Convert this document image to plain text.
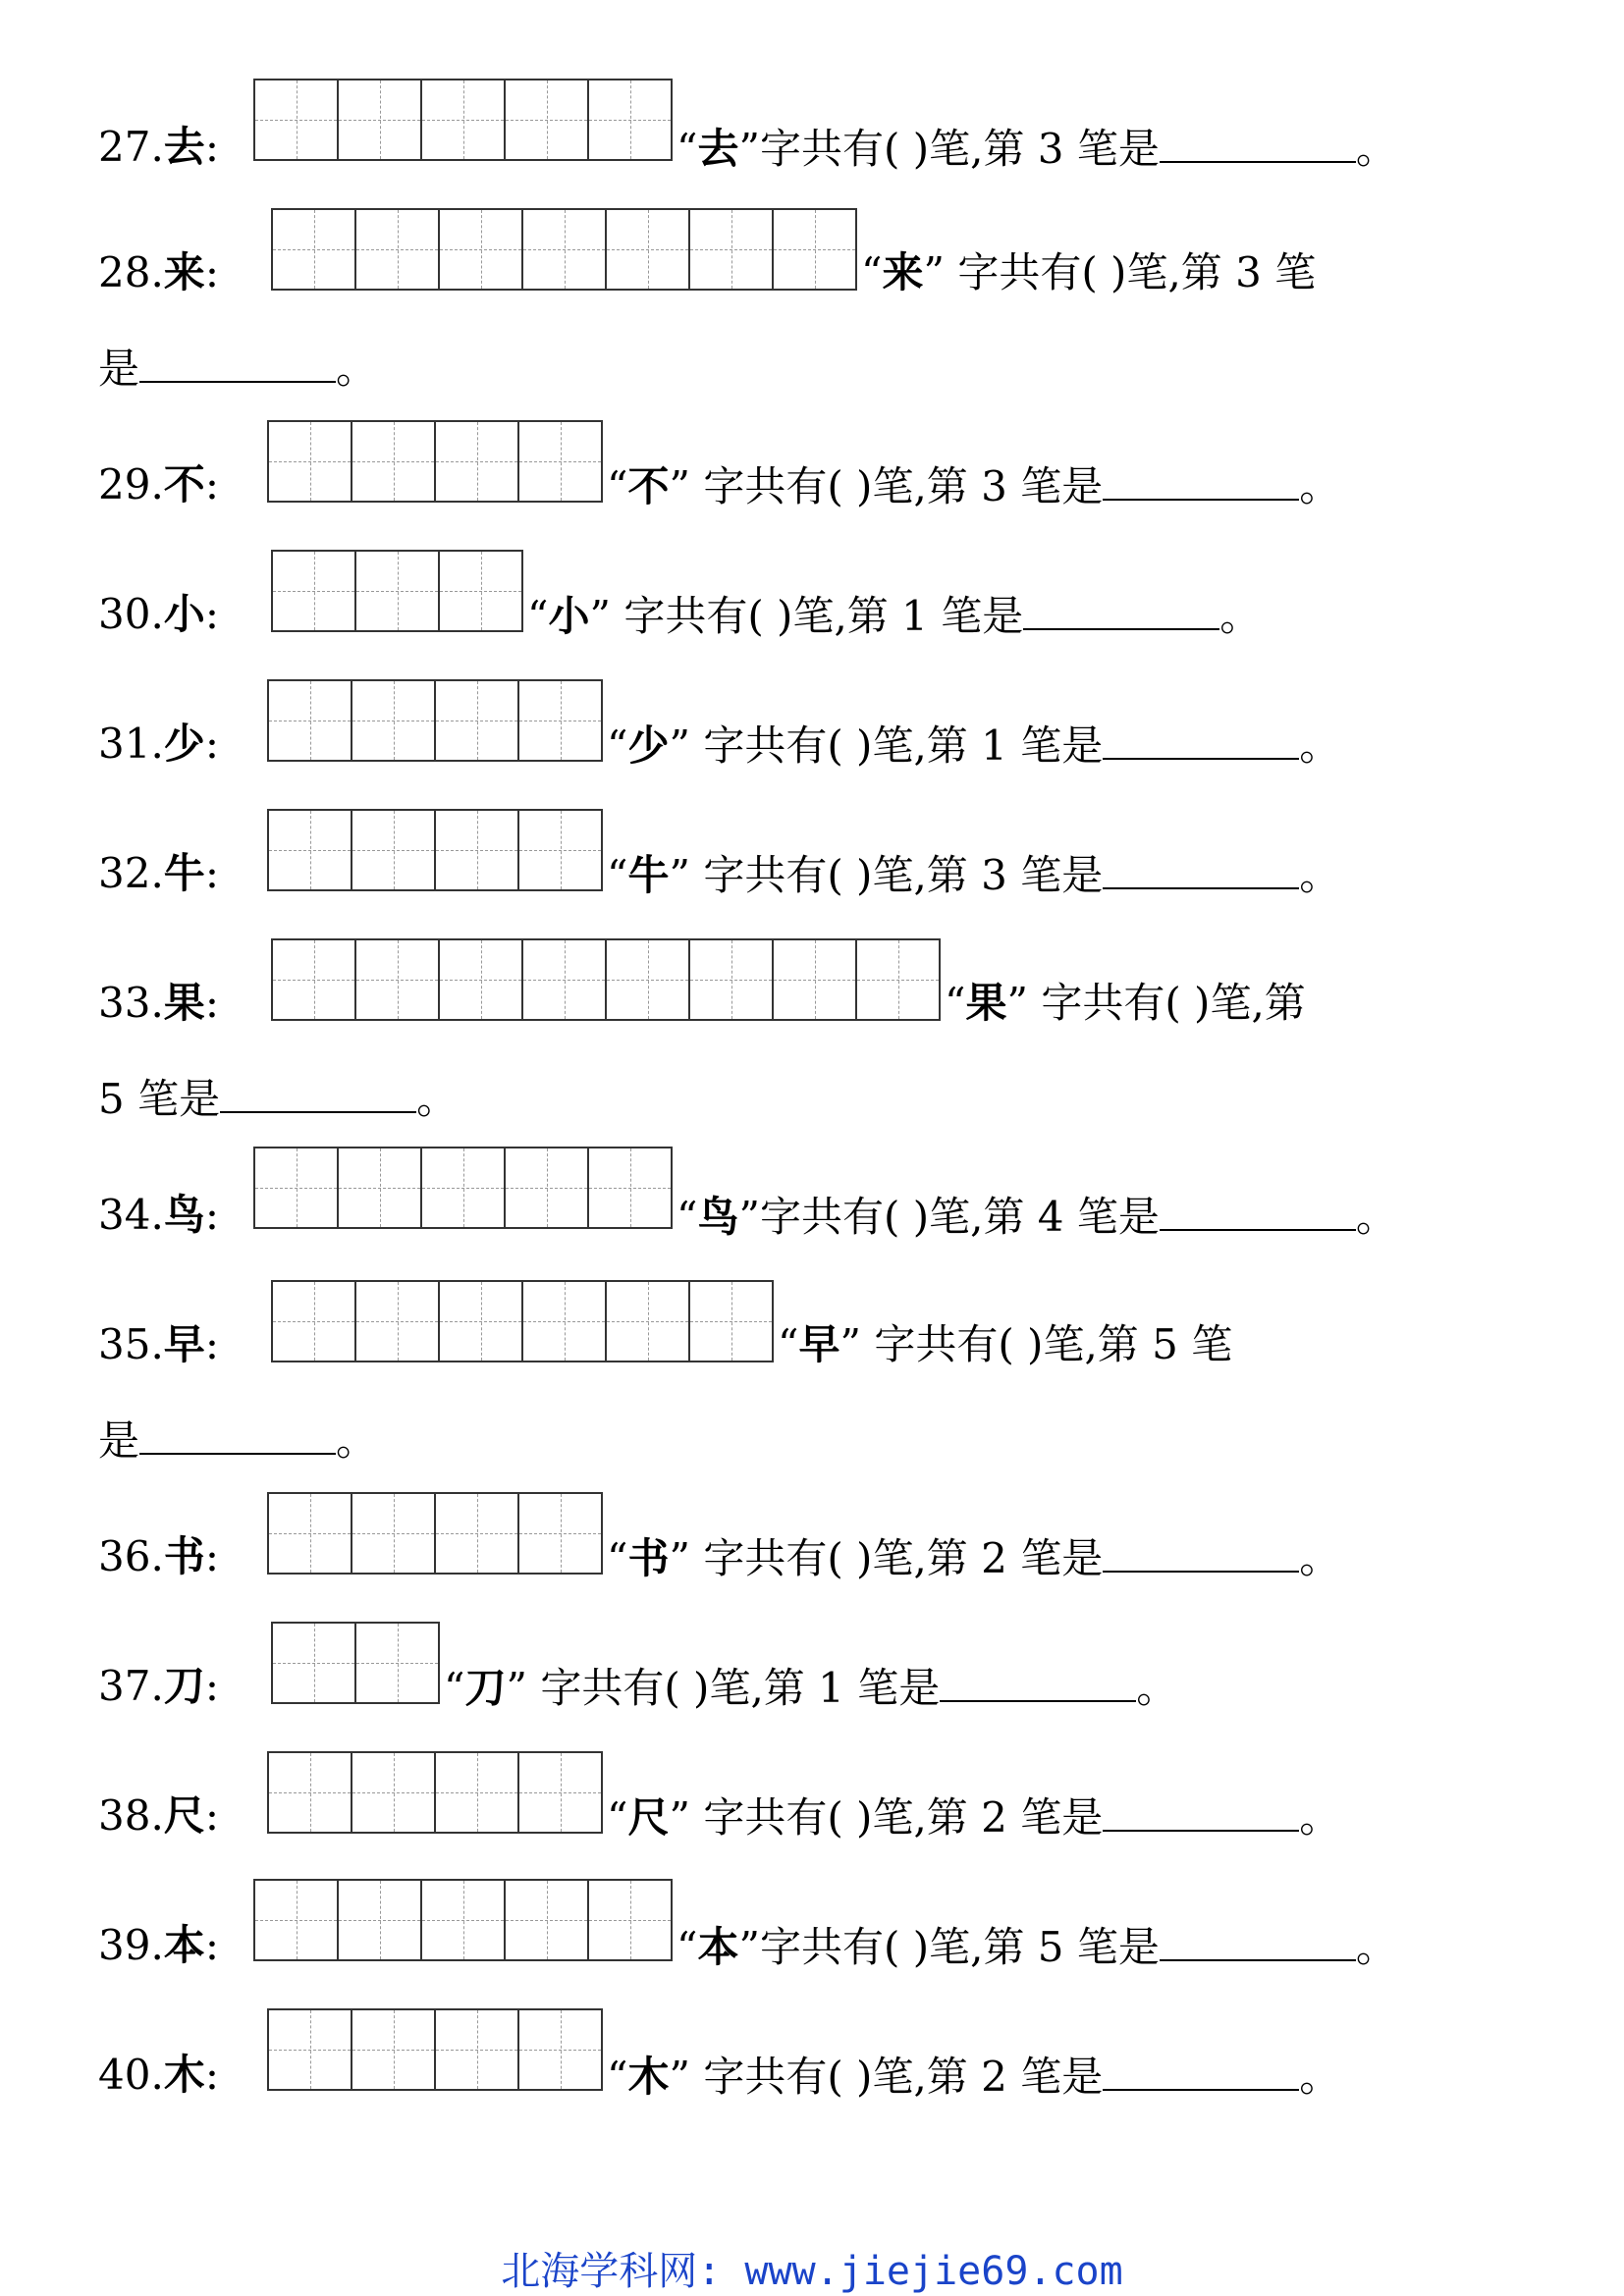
27.去:	“去”字共有( )笔,第 3 笔是	。
28.来:	“来” 字共有( )笔,第 3 笔
是	。
29.不:	“不” 字共有( )笔,第 3 笔是	。
30.小:	“小” 字共有( )笔,第 1 笔是	。
31.少:	“少” 字共有( )笔,第 1 笔是	。
32.牛:	“牛” 字共有( )笔,第 3 笔是	。
33.果:	“果” 字共有( )笔,第
5 笔是	。
34.鸟:	“鸟”字共有( )笔,第 4 笔是	。
35.早:	“早” 字共有( )笔,第 5 笔
是	。
36.书:	“书” 字共有( )笔,第 2 笔是	。
37.刀:	“刀” 字共有( )笔,第 1 笔是	。
38.尺:	“尺” 字共有( )笔,第 2 笔是	。
39.本:	“本”字共有( )笔,第 5 笔是	。
40.木:	“木” 字共有( )笔,第 2 笔是	。
北海学科网: www.jiejie69.com
